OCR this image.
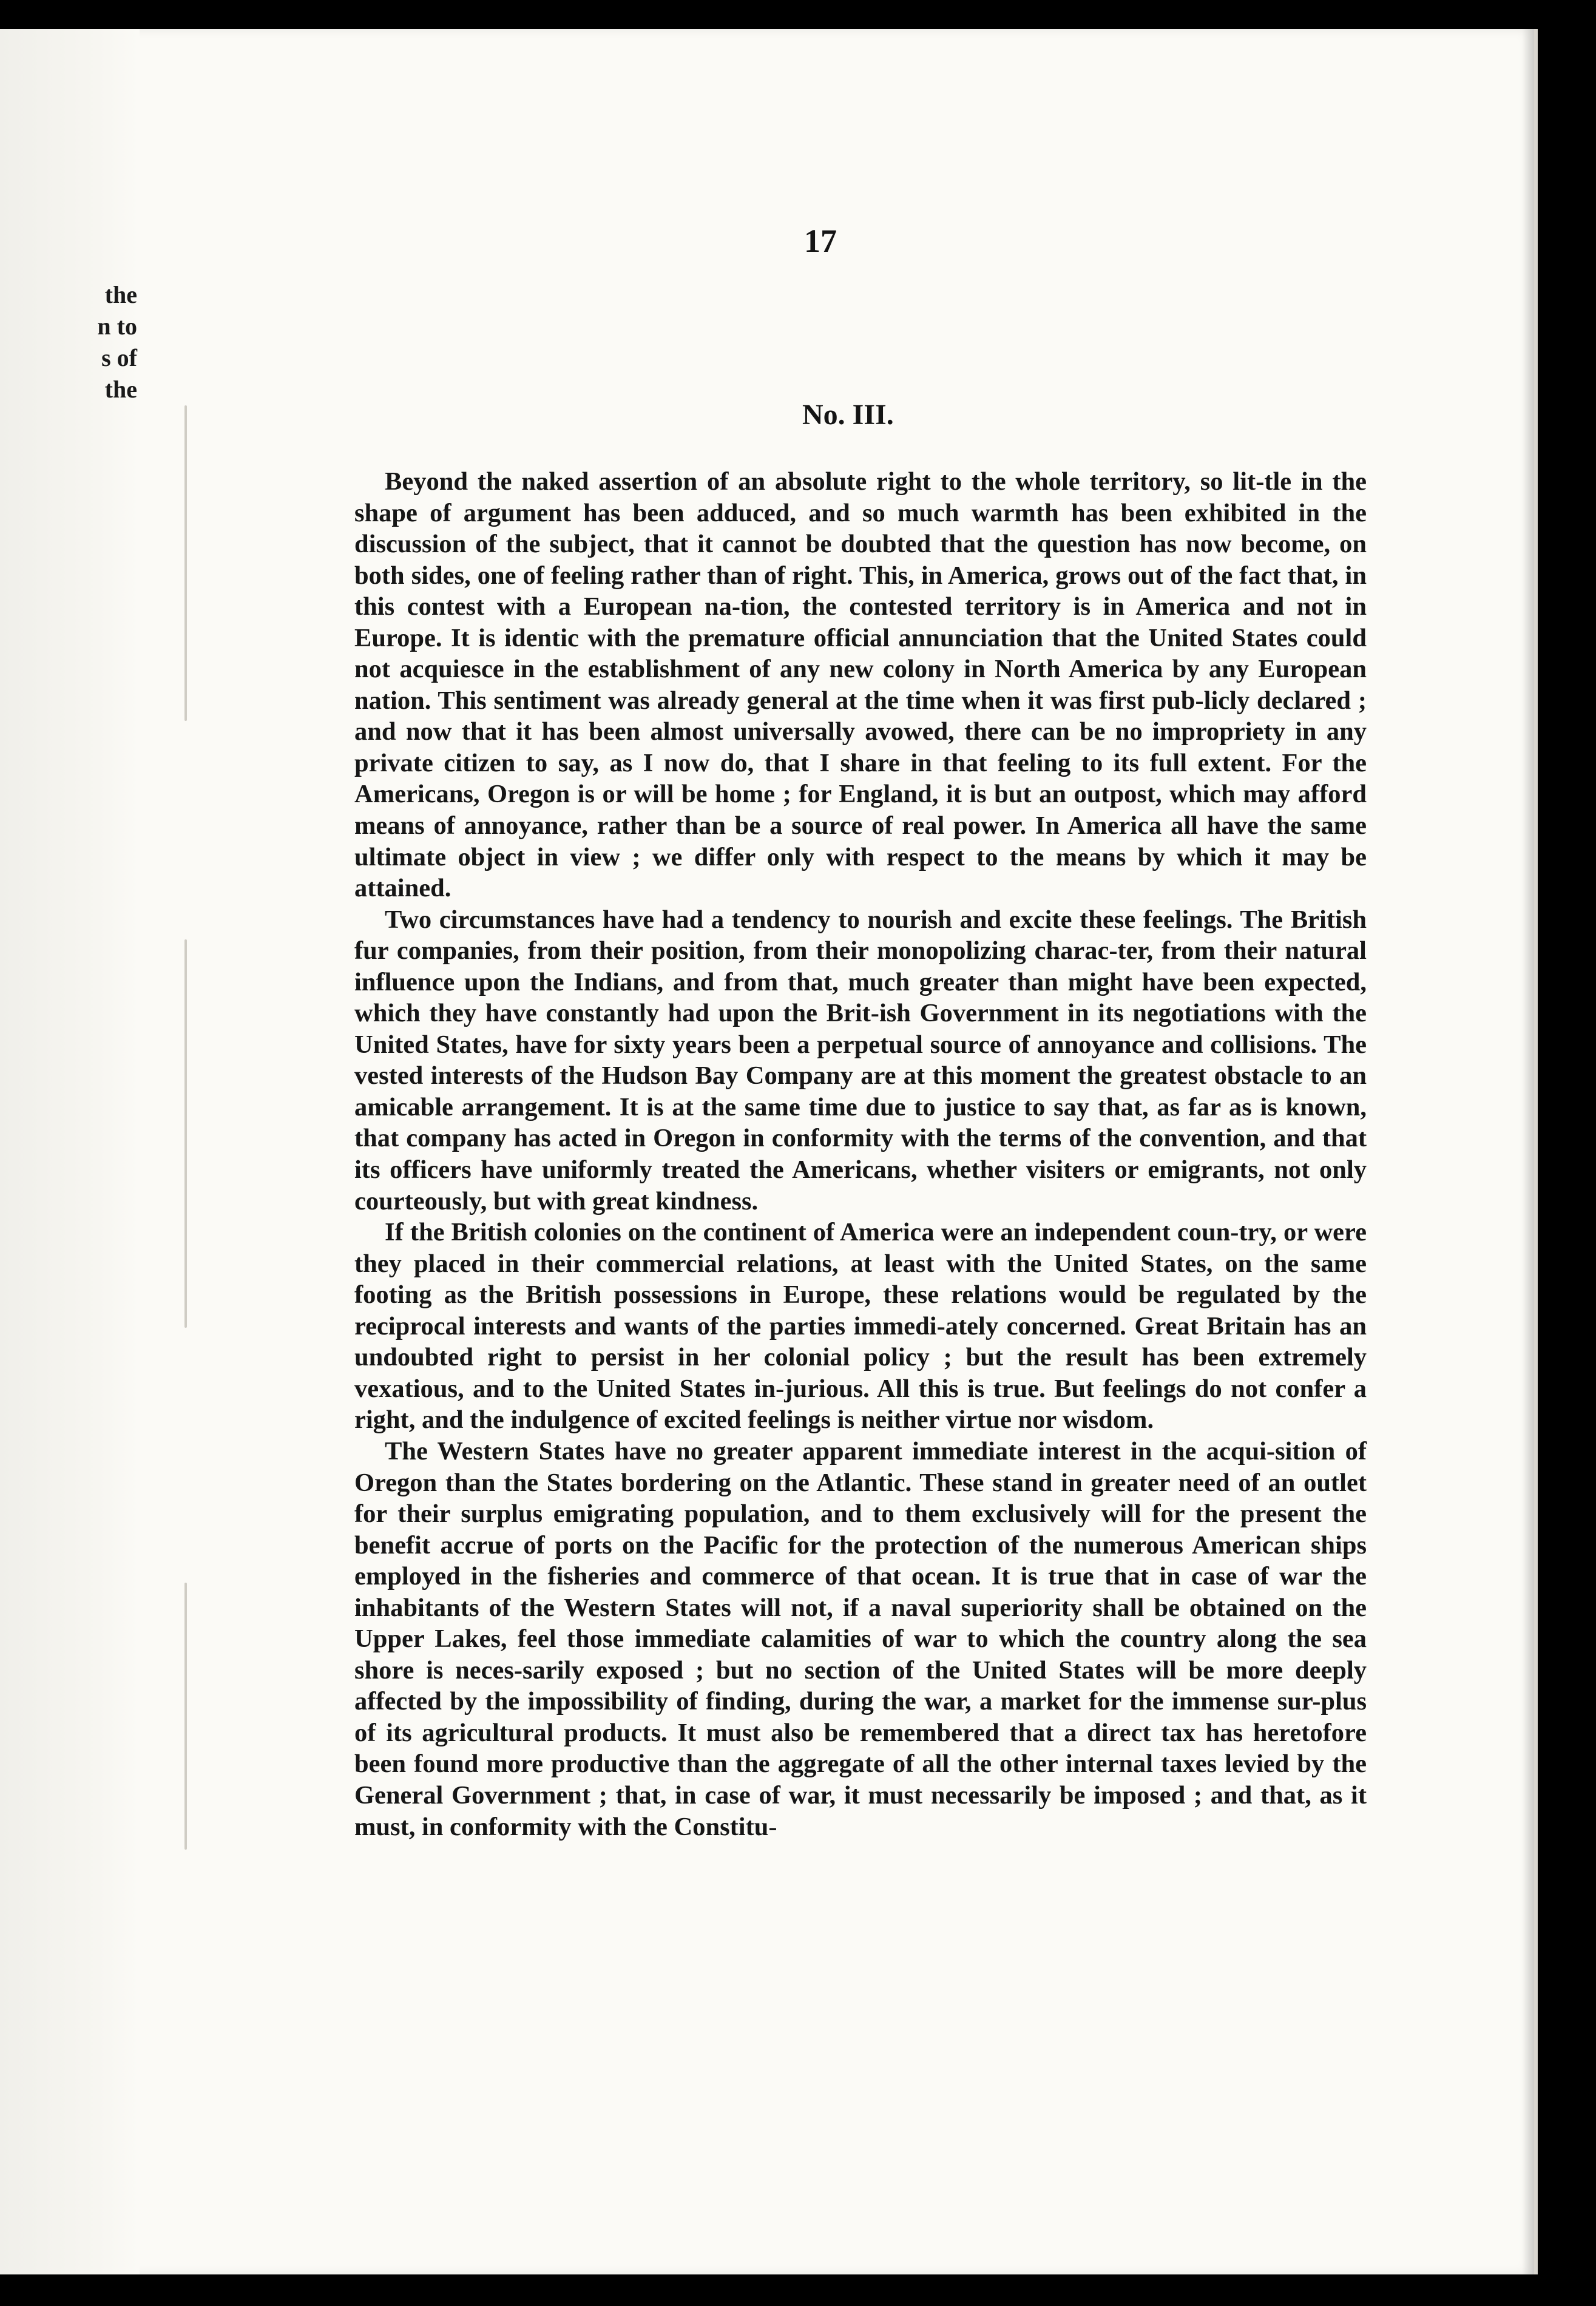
the
n to
s of
the
17
No. III.

Beyond the naked assertion of an absolute right to the whole territory, so lit-tle in the shape of argument has been adduced, and so much warmth has been exhibited in the discussion of the subject, that it cannot be doubted that the question has now become, on both sides, one of feeling rather than of right. This, in America, grows out of the fact that, in this contest with a European na-tion, the contested territory is in America and not in Europe. It is identic with the premature official annunciation that the United States could not acquiesce in the establishment of any new colony in North America by any European nation. This sentiment was already general at the time when it was first pub-licly declared ; and now that it has been almost universally avowed, there can be no impropriety in any private citizen to say, as I now do, that I share in that feeling to its full extent. For the Americans, Oregon is or will be home ; for England, it is but an outpost, which may afford means of annoyance, rather than be a source of real power. In America all have the same ultimate object in view ; we differ only with respect to the means by which it may be attained.

Two circumstances have had a tendency to nourish and excite these feelings. The British fur companies, from their position, from their monopolizing charac-ter, from their natural influence upon the Indians, and from that, much greater than might have been expected, which they have constantly had upon the Brit-ish Government in its negotiations with the United States, have for sixty years been a perpetual source of annoyance and collisions. The vested interests of the Hudson Bay Company are at this moment the greatest obstacle to an amicable arrangement. It is at the same time due to justice to say that, as far as is known, that company has acted in Oregon in conformity with the terms of the convention, and that its officers have uniformly treated the Americans, whether visiters or emigrants, not only courteously, but with great kindness.

If the British colonies on the continent of America were an independent coun-try, or were they placed in their commercial relations, at least with the United States, on the same footing as the British possessions in Europe, these relations would be regulated by the reciprocal interests and wants of the parties immedi-ately concerned. Great Britain has an undoubted right to persist in her colonial policy ; but the result has been extremely vexatious, and to the United States in-jurious. All this is true. But feelings do not confer a right, and the indulgence of excited feelings is neither virtue nor wisdom.

The Western States have no greater apparent immediate interest in the acqui-sition of Oregon than the States bordering on the Atlantic. These stand in greater need of an outlet for their surplus emigrating population, and to them exclusively will for the present the benefit accrue of ports on the Pacific for the protection of the numerous American ships employed in the fisheries and commerce of that ocean. It is true that in case of war the inhabitants of the Western States will not, if a naval superiority shall be obtained on the Upper Lakes, feel those immediate calamities of war to which the country along the sea shore is neces-sarily exposed ; but no section of the United States will be more deeply affected by the impossibility of finding, during the war, a market for the immense sur-plus of its agricultural products. It must also be remembered that a direct tax has heretofore been found more productive than the aggregate of all the other internal taxes levied by the General Government ; that, in case of war, it must necessarily be imposed ; and that, as it must, in conformity with the Constitu-
